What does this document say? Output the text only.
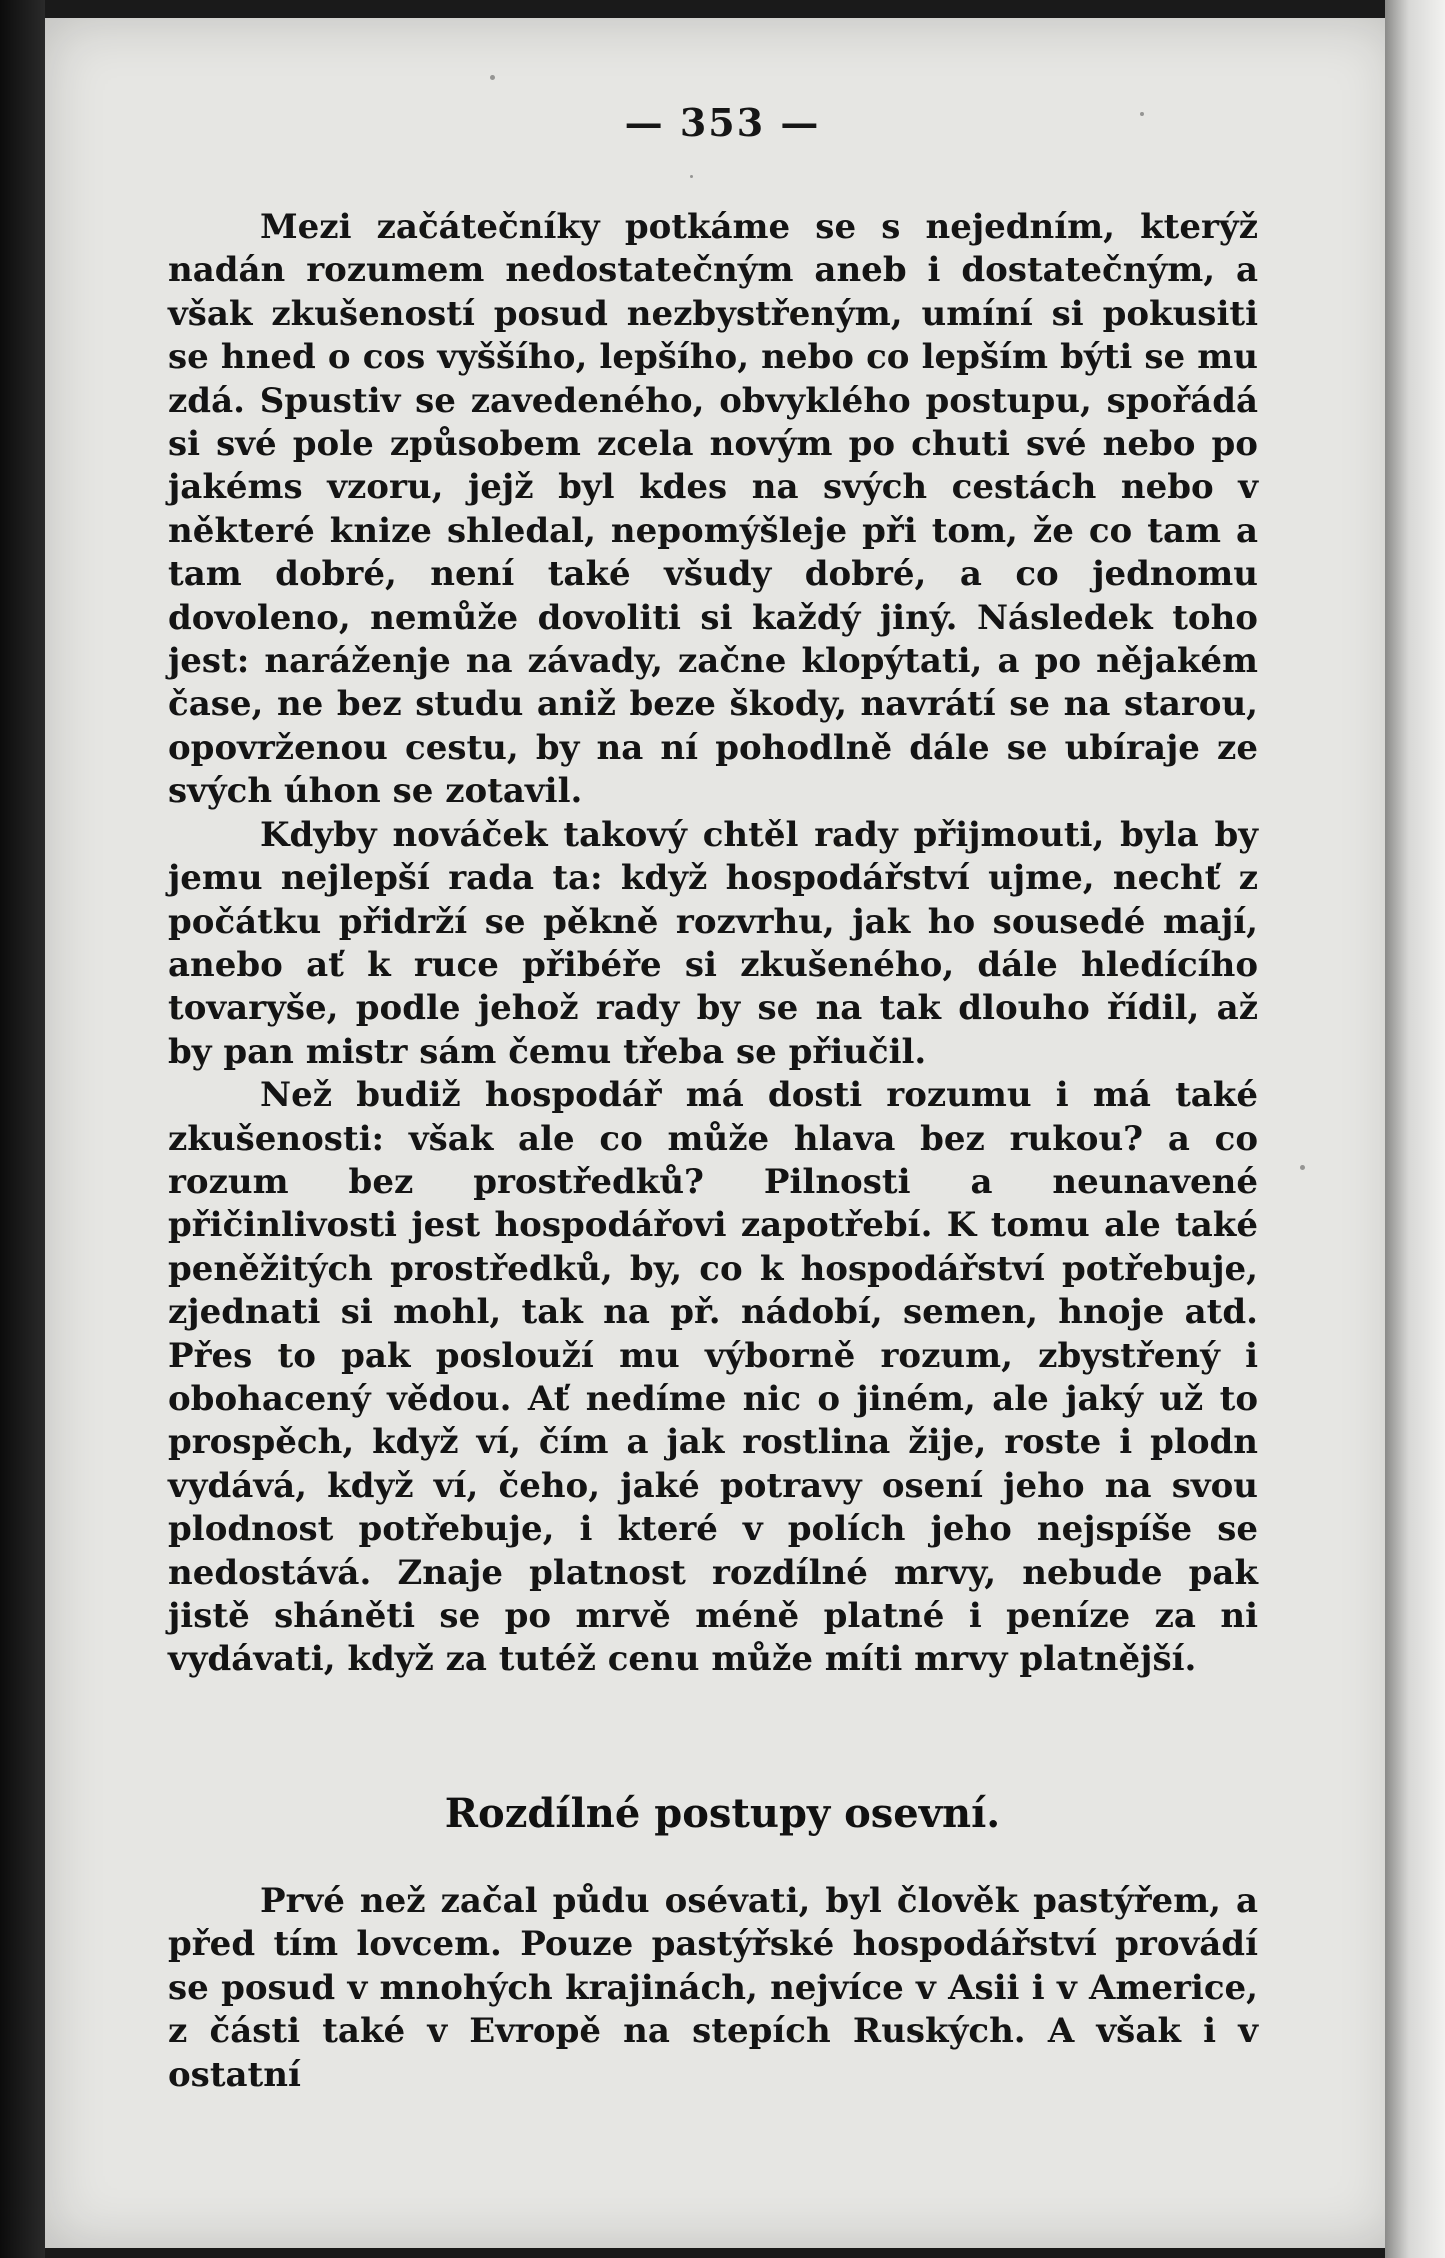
— 353 —

Mezi začátečníky potkáme se s nejedním, kterýž nadán rozumem nedostatečným aneb i dostatečným, a však zkušeností posud nezbystřeným, umíní si pokusiti se hned o cos vyššího, lepšího, nebo co lepším býti se mu zdá. Spustiv se zavedeného, obvyklého postupu, spořádá si své pole způsobem zcela novým po chuti své nebo po jakéms vzoru, jejž byl kdes na svých cestách nebo v některé knize shledal, nepomýšleje při tom, že co tam a tam dobré, není také všudy dobré, a co jednomu dovoleno, nemůže dovoliti si každý jiný. Následek toho jest: naráženje na závady, začne klopýtati, a po nějakém čase, ne bez studu aniž beze škody, navrátí se na starou, opovrženou cestu, by na ní pohodlně dále se ubíraje ze svých úhon se zotavil.

Kdyby nováček takový chtěl rady přijmouti, byla by jemu nejlepší rada ta: když hospodářství ujme, nechť z počátku přidrží se pěkně rozvrhu, jak ho sousedé mají, anebo ať k ruce přibéře si zkušeného, dále hledícího tovaryše, podle jehož rady by se na tak dlouho řídil, až by pan mistr sám čemu třeba se přiučil.

Než budiž hospodář má dosti rozumu i má také zkušenosti: však ale co může hlava bez rukou? a co rozum bez prostředků? Pilnosti a neunavené přičinlivosti jest hospodářovi zapotřebí. K tomu ale také peněžitých prostředků, by, co k hospodářství potřebuje, zjednati si mohl, tak na př. nádobí, semen, hnoje atd. Přes to pak poslouží mu výborně rozum, zbystřený i obohacený vědou. Ať nedíme nic o jiném, ale jaký už to prospěch, když ví, čím a jak rostlina žije, roste i plodn vydává, když ví, čeho, jaké potravy osení jeho na svou plodnost potřebuje, i které v polích jeho nejspíše se nedostává. Znaje platnost rozdílné mrvy, nebude pak jistě sháněti se po mrvě méně platné i peníze za ni vydávati, když za tutéž cenu může míti mrvy platnější.

Rozdílné postupy osevní.

Prvé než začal půdu osévati, byl člověk pastýřem, a před tím lovcem. Pouze pastýřské hospodářství provádí se posud v mnohých krajinách, nejvíce v Asii i v Americe, z části také v Evropě na stepích Ruských. A však i v ostatní
